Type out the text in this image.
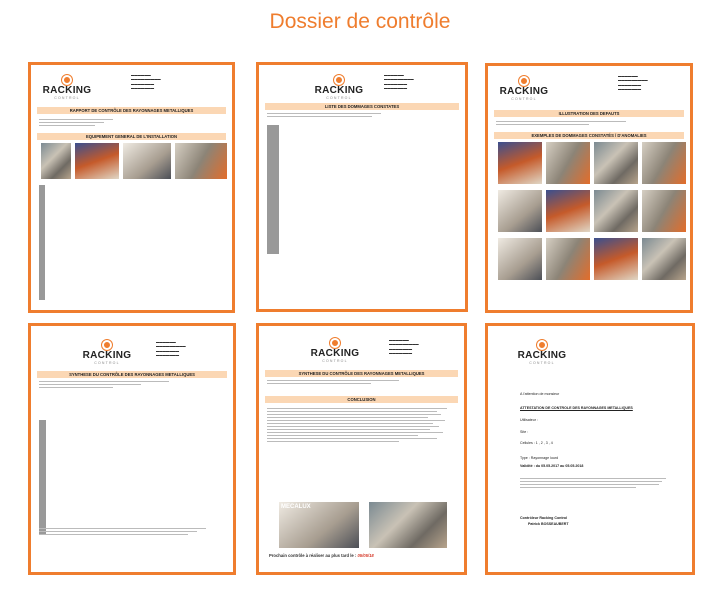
Dossier de contrôle
RACKING
CONTROL
▬▬▬▬▬▬
▬▬▬▬▬▬▬▬▬
▬▬▬▬▬▬▬
▬▬▬▬▬▬▬
RAPPORT DE CONTRÔLE DES RAYONNAGES METALLIQUES
EQUIPEMENT GENERAL DE L'INSTALLATION

RACKING
CONTROL
▬▬▬▬▬▬
▬▬▬▬▬▬▬▬▬
▬▬▬▬▬▬▬
▬▬▬▬▬▬▬
LISTE DES DOMMAGES CONSTATES

RACKING
CONTROL
▬▬▬▬▬▬
▬▬▬▬▬▬▬▬▬
▬▬▬▬▬▬▬
▬▬▬▬▬▬▬
ILLUSTRATION DES DEFAUTS
EXEMPLES DE DOMMAGES CONSTATÉS / D'ANOMALIES
RACKING
CONTROL
▬▬▬▬▬▬
▬▬▬▬▬▬▬▬▬
▬▬▬▬▬▬▬
▬▬▬▬▬▬▬
SYNTHESE DU CONTRÔLE DES RAYONNAGES METALLIQUES

RACKING
CONTROL
▬▬▬▬▬▬
▬▬▬▬▬▬▬▬▬
▬▬▬▬▬▬▬
▬▬▬▬▬▬▬
SYNTHESE DU CONTRÔLE DES RAYONNAGES METALLIQUES
CONCLUSION
MECALUX
Prochain contrôle à réaliser au plus tard le : 05/05/18
RACKING
CONTROL
A l'attention de monsieur
ATTESTATION DE CONTROLE DES RAYONNAGES METALLIQUES
Utilisateur :
Site :
Cellules : 1 , 2 , 3 , 4
Type : Rayonnage lourd
Validité : du 05.05.2017 au 05.05.2018
Contrôleur Racking Control
Patrick BOSSEAUBERT
